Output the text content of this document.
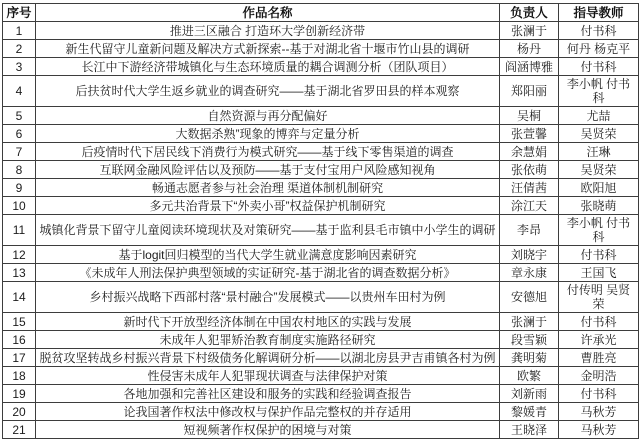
序号	作品名称	负责人	指导教师
1	推进三区融合 打造环大学创新经济带	张澜于	付书科
2	新生代留守儿童新问题及解决方式新探索--基于对湖北省十堰市竹山县的调研	杨丹	何丹 杨克平
3	长江中下游经济带城镇化与生态环境质量的耦合调测分析（团队项目）	阎涵博雅	付书科
4	后扶贫时代大学生返乡就业的调查研究——基于湖北省罗田县的样本观察	郑阳丽	李小帆 付书科
5	自然资源与再分配偏好	吴桐	尤喆
6	大数据杀熟”现象的博弈与定量分析	张萱馨	吴贤荣
7	后疫情时代下居民线下消费行为模式研究——基于线下零售渠道的调查	余慧娟	汪琳
8	互联网金融风险评估以及预防——基于支付宝用户风险感知视角	张依萌	吴贤荣
9	畅通志愿者参与社会治理 渠道体制机制研究	汪倩茜	欧阳旭
10	多元共治背景下“外卖小哥”权益保护机制研究	涂江天	张晓萌
11	城镇化背景下留守儿童阅读环境现状及对策研究——基于监利县毛市镇中小学生的调研	李昂	李小帆 付书科
12	基于logit回归模型的当代大学生就业满意度影响因素研究	刘晓宇	付书科
13	《未成年人刑法保护典型领域的实证研究-基于湖北省的调查数据分析》	章永康	王国飞
14	乡村振兴战略下西部村落“景村融合”发展模式——以贵州车田村为例	安德旭	付传明 吴贤荣
15	新时代下开放型经济体制在中国农村地区的实践与发展	张澜于	付书科
16	未成年人犯罪矫治教育制度实施路径研究	段雪颖	许承光
17	脱贫攻坚转战乡村振兴背景下村级债务化解调研分析——以湖北房县尹吉甫镇各村为例	龚明菊	曹胜亮
18	性侵害未成年人犯罪现状调查与法律保护对策	欧繁	金明浩
19	各地加强和完善社区建设和服务的实践和经验调查报告	刘新雨	付书科
20	论我国著作权法中修改权与保护作品完整权的并存适用	黎媛青	马秋芳
21	短视频著作权保护的困境与对策	王晓泽	马秋芳
